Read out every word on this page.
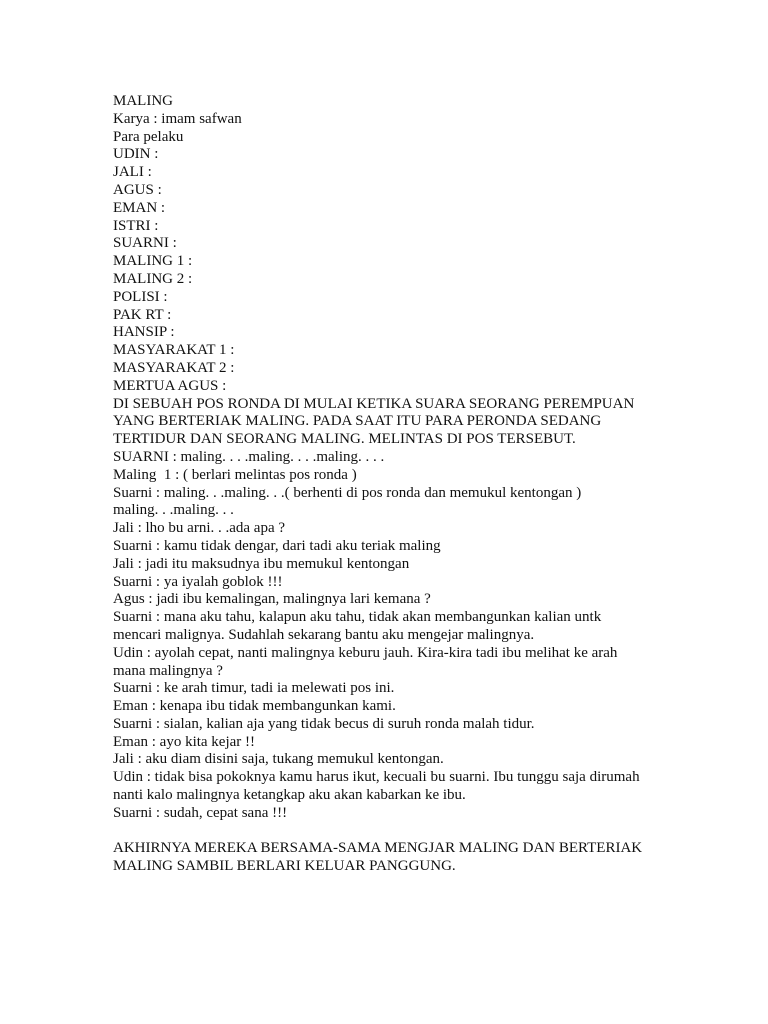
MALING

Karya : imam safwan

Para pelaku

UDIN :

JALI :

AGUS :

EMAN :

ISTRI :

SUARNI :

MALING 1 :

MALING 2 :

POLISI :

PAK RT :

HANSIP :

MASYARAKAT 1 :

MASYARAKAT 2 :

MERTUA AGUS :

DI SEBUAH POS RONDA DI MULAI KETIKA SUARA SEORANG PEREMPUAN

YANG BERTERIAK MALING. PADA SAAT ITU PARA PERONDA SEDANG

TERTIDUR DAN SEORANG MALING. MELINTAS DI POS TERSEBUT.

SUARNI : maling. . . .maling. . . .maling. . . .

Maling  1 : ( berlari melintas pos ronda )

Suarni : maling. . .maling. . .( berhenti di pos ronda dan memukul kentongan )

maling. . .maling. . .

Jali : lho bu arni. . .ada apa ?

Suarni : kamu tidak dengar, dari tadi aku teriak maling

Jali : jadi itu maksudnya ibu memukul kentongan

Suarni : ya iyalah goblok !!!

Agus : jadi ibu kemalingan, malingnya lari kemana ?

Suarni : mana aku tahu, kalapun aku tahu, tidak akan membangunkan kalian untk

mencari malignya. Sudahlah sekarang bantu aku mengejar malingnya.

Udin : ayolah cepat, nanti malingnya keburu jauh. Kira-kira tadi ibu melihat ke arah

mana malingnya ?

Suarni : ke arah timur, tadi ia melewati pos ini.

Eman : kenapa ibu tidak membangunkan kami.

Suarni : sialan, kalian aja yang tidak becus di suruh ronda malah tidur.

Eman : ayo kita kejar !!

Jali : aku diam disini saja, tukang memukul kentongan.

Udin : tidak bisa pokoknya kamu harus ikut, kecuali bu suarni. Ibu tunggu saja dirumah

nanti kalo malingnya ketangkap aku akan kabarkan ke ibu.

Suarni : sudah, cepat sana !!!

AKHIRNYA MEREKA BERSAMA-SAMA MENGJAR MALING DAN BERTERIAK

MALING SAMBIL BERLARI KELUAR PANGGUNG.
